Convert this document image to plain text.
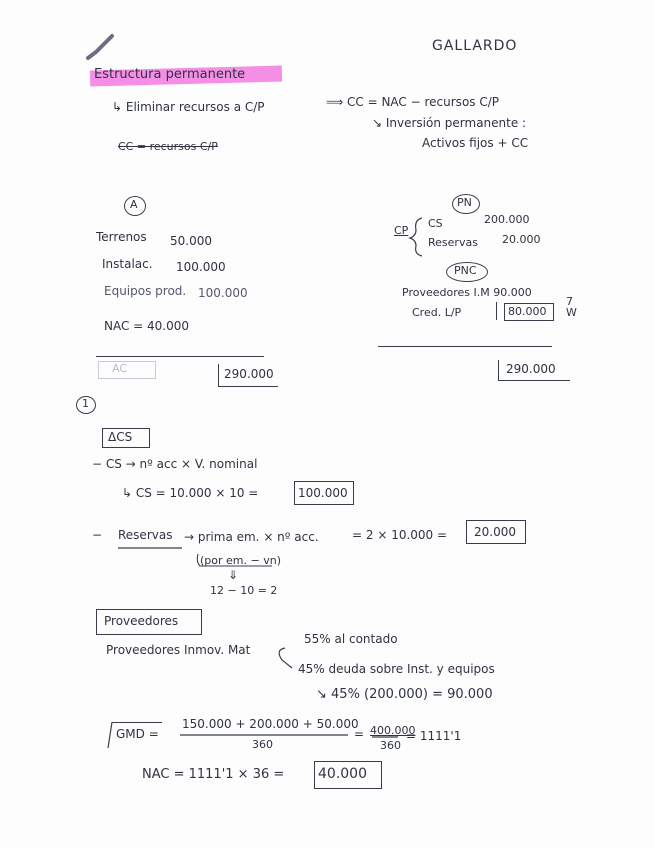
GALLARDO
Estructura permanente
↳ Eliminar recursos a C/P	⟹ CC = NAC − recursos C/P
↘ Inversión permanente :
Activos fijos + CC
CC = recursos C/P
A
Terrenos 50.000
Instalac. 100.000
Equipos prod. 100.000
NAC = 40.000
AC	290.000
PN
CP
CS	200.000
Reservas 20.000
PNC
Proveedores I.M 90.000
Cred. L/P	80.000
7
W
290.000
1
ΔCS
− CS → nº acc × V. nominal
↳ CS = 10.000 × 10 =	100.000
− Reservas → prima em. × nº acc.	= 2 × 10.000 = 20.000
(por em. − vn)
⇓
12 − 10 = 2
Proveedores
Proveedores Inmov. Mat
55% al contado
45% deuda sobre Inst. y equipos
↘ 45% (200.000) = 90.000
GMD =
150.000 + 200.000 + 50.000
360
= 400.000
360
= 1111'1
NAC = 1111'1 × 36 = 40.000
